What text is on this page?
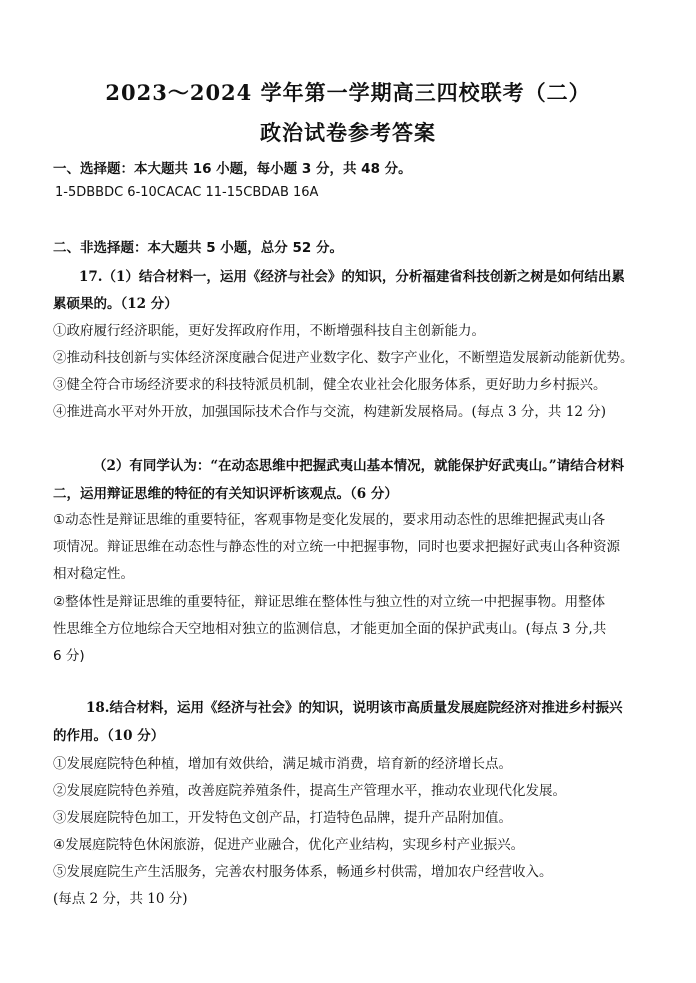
2023～2024 学年第一学期高三四校联考（二）
政治试卷参考答案
一、选择题：本大题共 16 小题，每小题 3 分，共 48 分。
1-5DBBDC 6-10CACAC 11-15CBDAB 16A
二、非选择题：本大题共 5 小题，总分 52 分。
17.（1）结合材料一，运用《经济与社会》的知识，分析福建省科技创新之树是如何结出累
累硕果的。（12 分）
①政府履行经济职能，更好发挥政府作用，不断增强科技自主创新能力。
②推动科技创新与实体经济深度融合促进产业数字化、数字产业化，不断塑造发展新动能新优势。
③健全符合市场经济要求的科技特派员机制，健全农业社会化服务体系，更好助力乡村振兴。
④推进高水平对外开放，加强国际技术合作与交流，构建新发展格局。(每点 3 分，共 12 分)
（2）有同学认为：“在动态思维中把握武夷山基本情况，就能保护好武夷山。”请结合材料
二，运用辩证思维的特征的有关知识评析该观点。（6 分）
①动态性是辩证思维的重要特征，客观事物是变化发展的，要求用动态性的思维把握武夷山各
项情况。辩证思维在动态性与静态性的对立统一中把握事物，同时也要求把握好武夷山各种资源
相对稳定性。
②整体性是辩证思维的重要特征，辩证思维在整体性与独立性的对立统一中把握事物。用整体
性思维全方位地综合天空地相对独立的监测信息，才能更加全面的保护武夷山。(每点 3 分,共
6 分)
18.结合材料，运用《经济与社会》的知识，说明该市高质量发展庭院经济对推进乡村振兴
的作用。（10 分）
①发展庭院特色种植，增加有效供给，满足城市消费，培育新的经济增长点。
②发展庭院特色养殖，改善庭院养殖条件，提高生产管理水平，推动农业现代化发展。
③发展庭院特色加工，开发特色文创产品，打造特色品牌，提升产品附加值。
④发展庭院特色休闲旅游，促进产业融合，优化产业结构，实现乡村产业振兴。
⑤发展庭院生产生活服务，完善农村服务体系，畅通乡村供需，增加农户经营收入。
(每点 2 分，共 10 分)
